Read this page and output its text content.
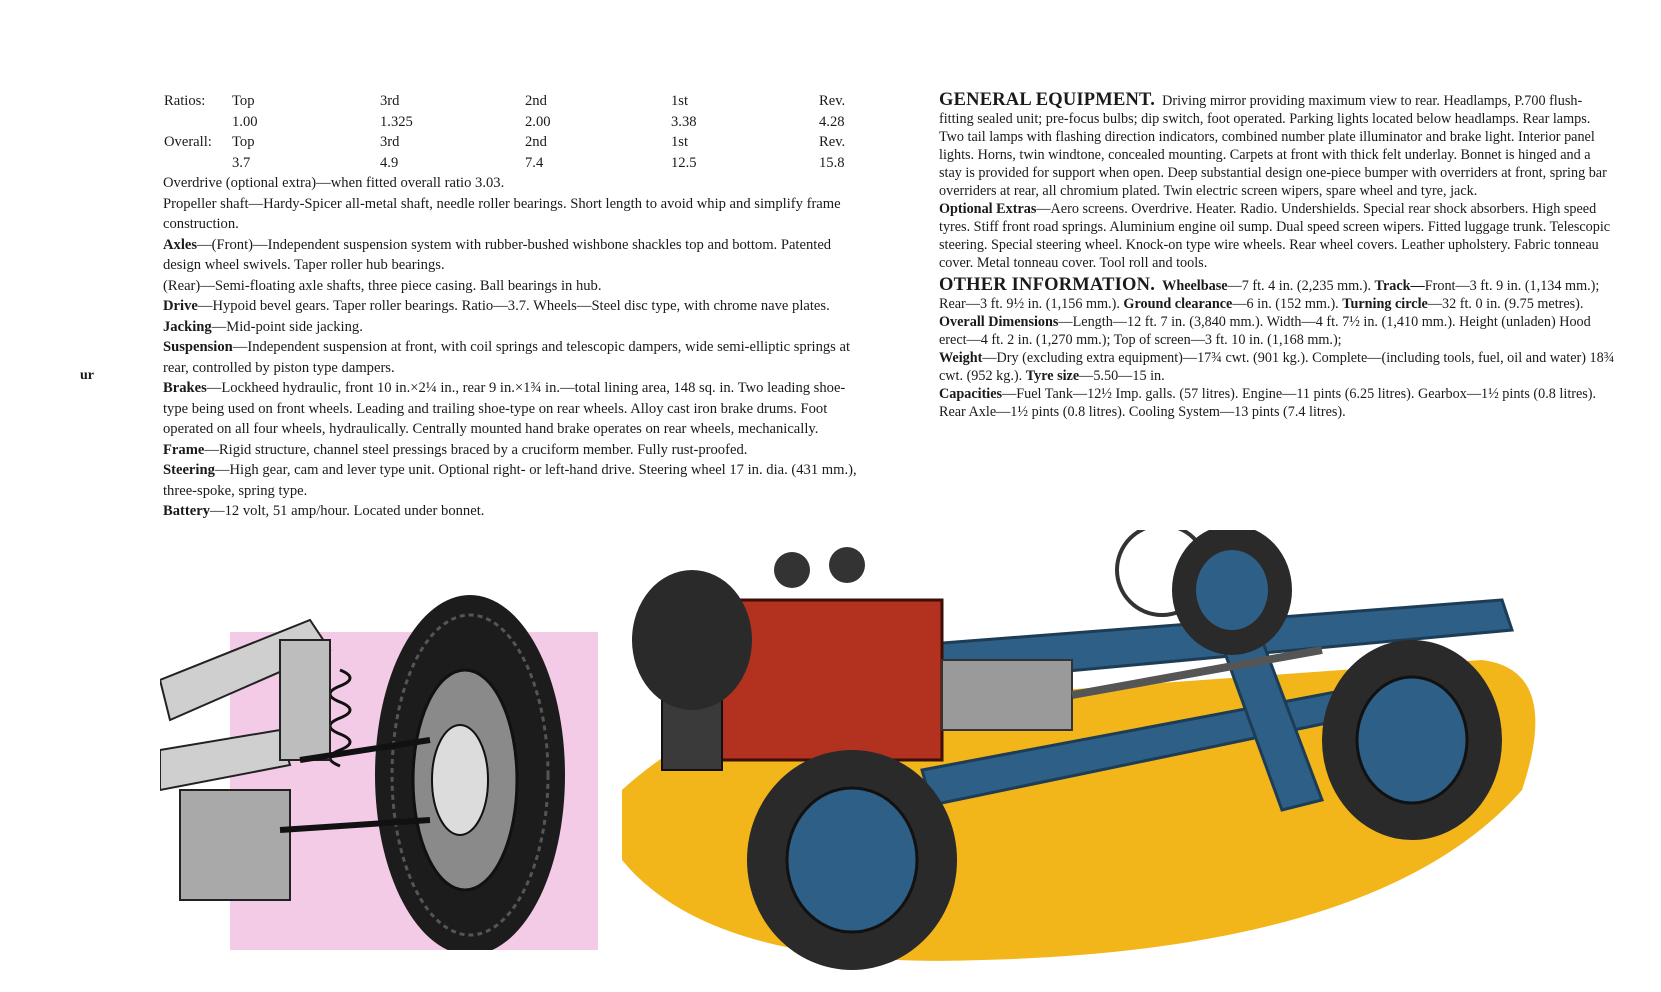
ur
Ratios:	Top	3rd	2nd	1st	Rev.
	1.00	1.325	2.00	3.38	4.28
Overall:	Top	3rd	2nd	1st	Rev.
	3.7	4.9	7.4	12.5	15.8

Overdrive (optional extra)—when fitted overall ratio 3.03.

Propeller shaft—Hardy-Spicer all-metal shaft, needle roller bearings. Short length to avoid whip and simplify frame construction.

Axles—(Front)—Independent suspension system with rubber-bushed wishbone shackles top and bottom. Patented design wheel swivels. Taper roller hub bearings.

(Rear)—Semi-floating axle shafts, three piece casing. Ball bearings in hub.

Drive—Hypoid bevel gears. Taper roller bearings. Ratio—3.7. Wheels—Steel disc type, with chrome nave plates. Jacking—Mid-point side jacking.

Suspension—Independent suspension at front, with coil springs and telescopic dampers, wide semi-elliptic springs at rear, controlled by piston type dampers.

Brakes—Lockheed hydraulic, front 10 in.×2¼ in., rear 9 in.×1¾ in.—total lining area, 148 sq. in. Two leading shoe-type being used on front wheels. Leading and trailing shoe-type on rear wheels. Alloy cast iron brake drums. Foot operated on all four wheels, hydraulically. Centrally mounted hand brake operates on rear wheels, mechanically.

Frame—Rigid structure, channel steel pressings braced by a cruciform member. Fully rust-proofed.

Steering—High gear, cam and lever type unit. Optional right- or left-hand drive. Steering wheel 17 in. dia. (431 mm.), three-spoke, spring type.

Battery—12 volt, 51 amp/hour. Located under bonnet.

GENERAL EQUIPMENT. Driving mirror providing maximum view to rear. Headlamps, P.700 flush-fitting sealed unit; pre-focus bulbs; dip switch, foot operated. Parking lights located below headlamps. Rear lamps. Two tail lamps with flashing direction indicators, combined number plate illuminator and brake light. Interior panel lights. Horns, twin windtone, concealed mounting. Carpets at front with thick felt underlay. Bonnet is hinged and a stay is provided for support when open. Deep substantial design one-piece bumper with overriders at front, spring bar overriders at rear, all chromium plated. Twin electric screen wipers, spare wheel and tyre, jack.

Optional Extras—Aero screens. Overdrive. Heater. Radio. Undershields. Special rear shock absorbers. High speed tyres. Stiff front road springs. Aluminium engine oil sump. Dual speed screen wipers. Fitted luggage trunk. Telescopic steering. Special steering wheel. Knock-on type wire wheels. Rear wheel covers. Leather upholstery. Fabric tonneau cover. Metal tonneau cover. Tool roll and tools.

OTHER INFORMATION. Wheelbase—7 ft. 4 in. (2,235 mm.). Track—Front—3 ft. 9 in. (1,134 mm.); Rear—3 ft. 9½ in. (1,156 mm.). Ground clearance—6 in. (152 mm.). Turning circle—32 ft. 0 in. (9.75 metres).

Overall Dimensions—Length—12 ft. 7 in. (3,840 mm.). Width—4 ft. 7½ in. (1,410 mm.). Height (unladen) Hood erect—4 ft. 2 in. (1,270 mm.); Top of screen—3 ft. 10 in. (1,168 mm.);

Weight—Dry (excluding extra equipment)—17¾ cwt. (901 kg.). Complete—(including tools, fuel, oil and water) 18¾ cwt. (952 kg.). Tyre size—5.50—15 in.

Capacities—Fuel Tank—12½ Imp. galls. (57 litres). Engine—11 pints (6.25 litres). Gearbox—1½ pints (0.8 litres). Rear Axle—1½ pints (0.8 litres). Cooling System—13 pints (7.4 litres).
